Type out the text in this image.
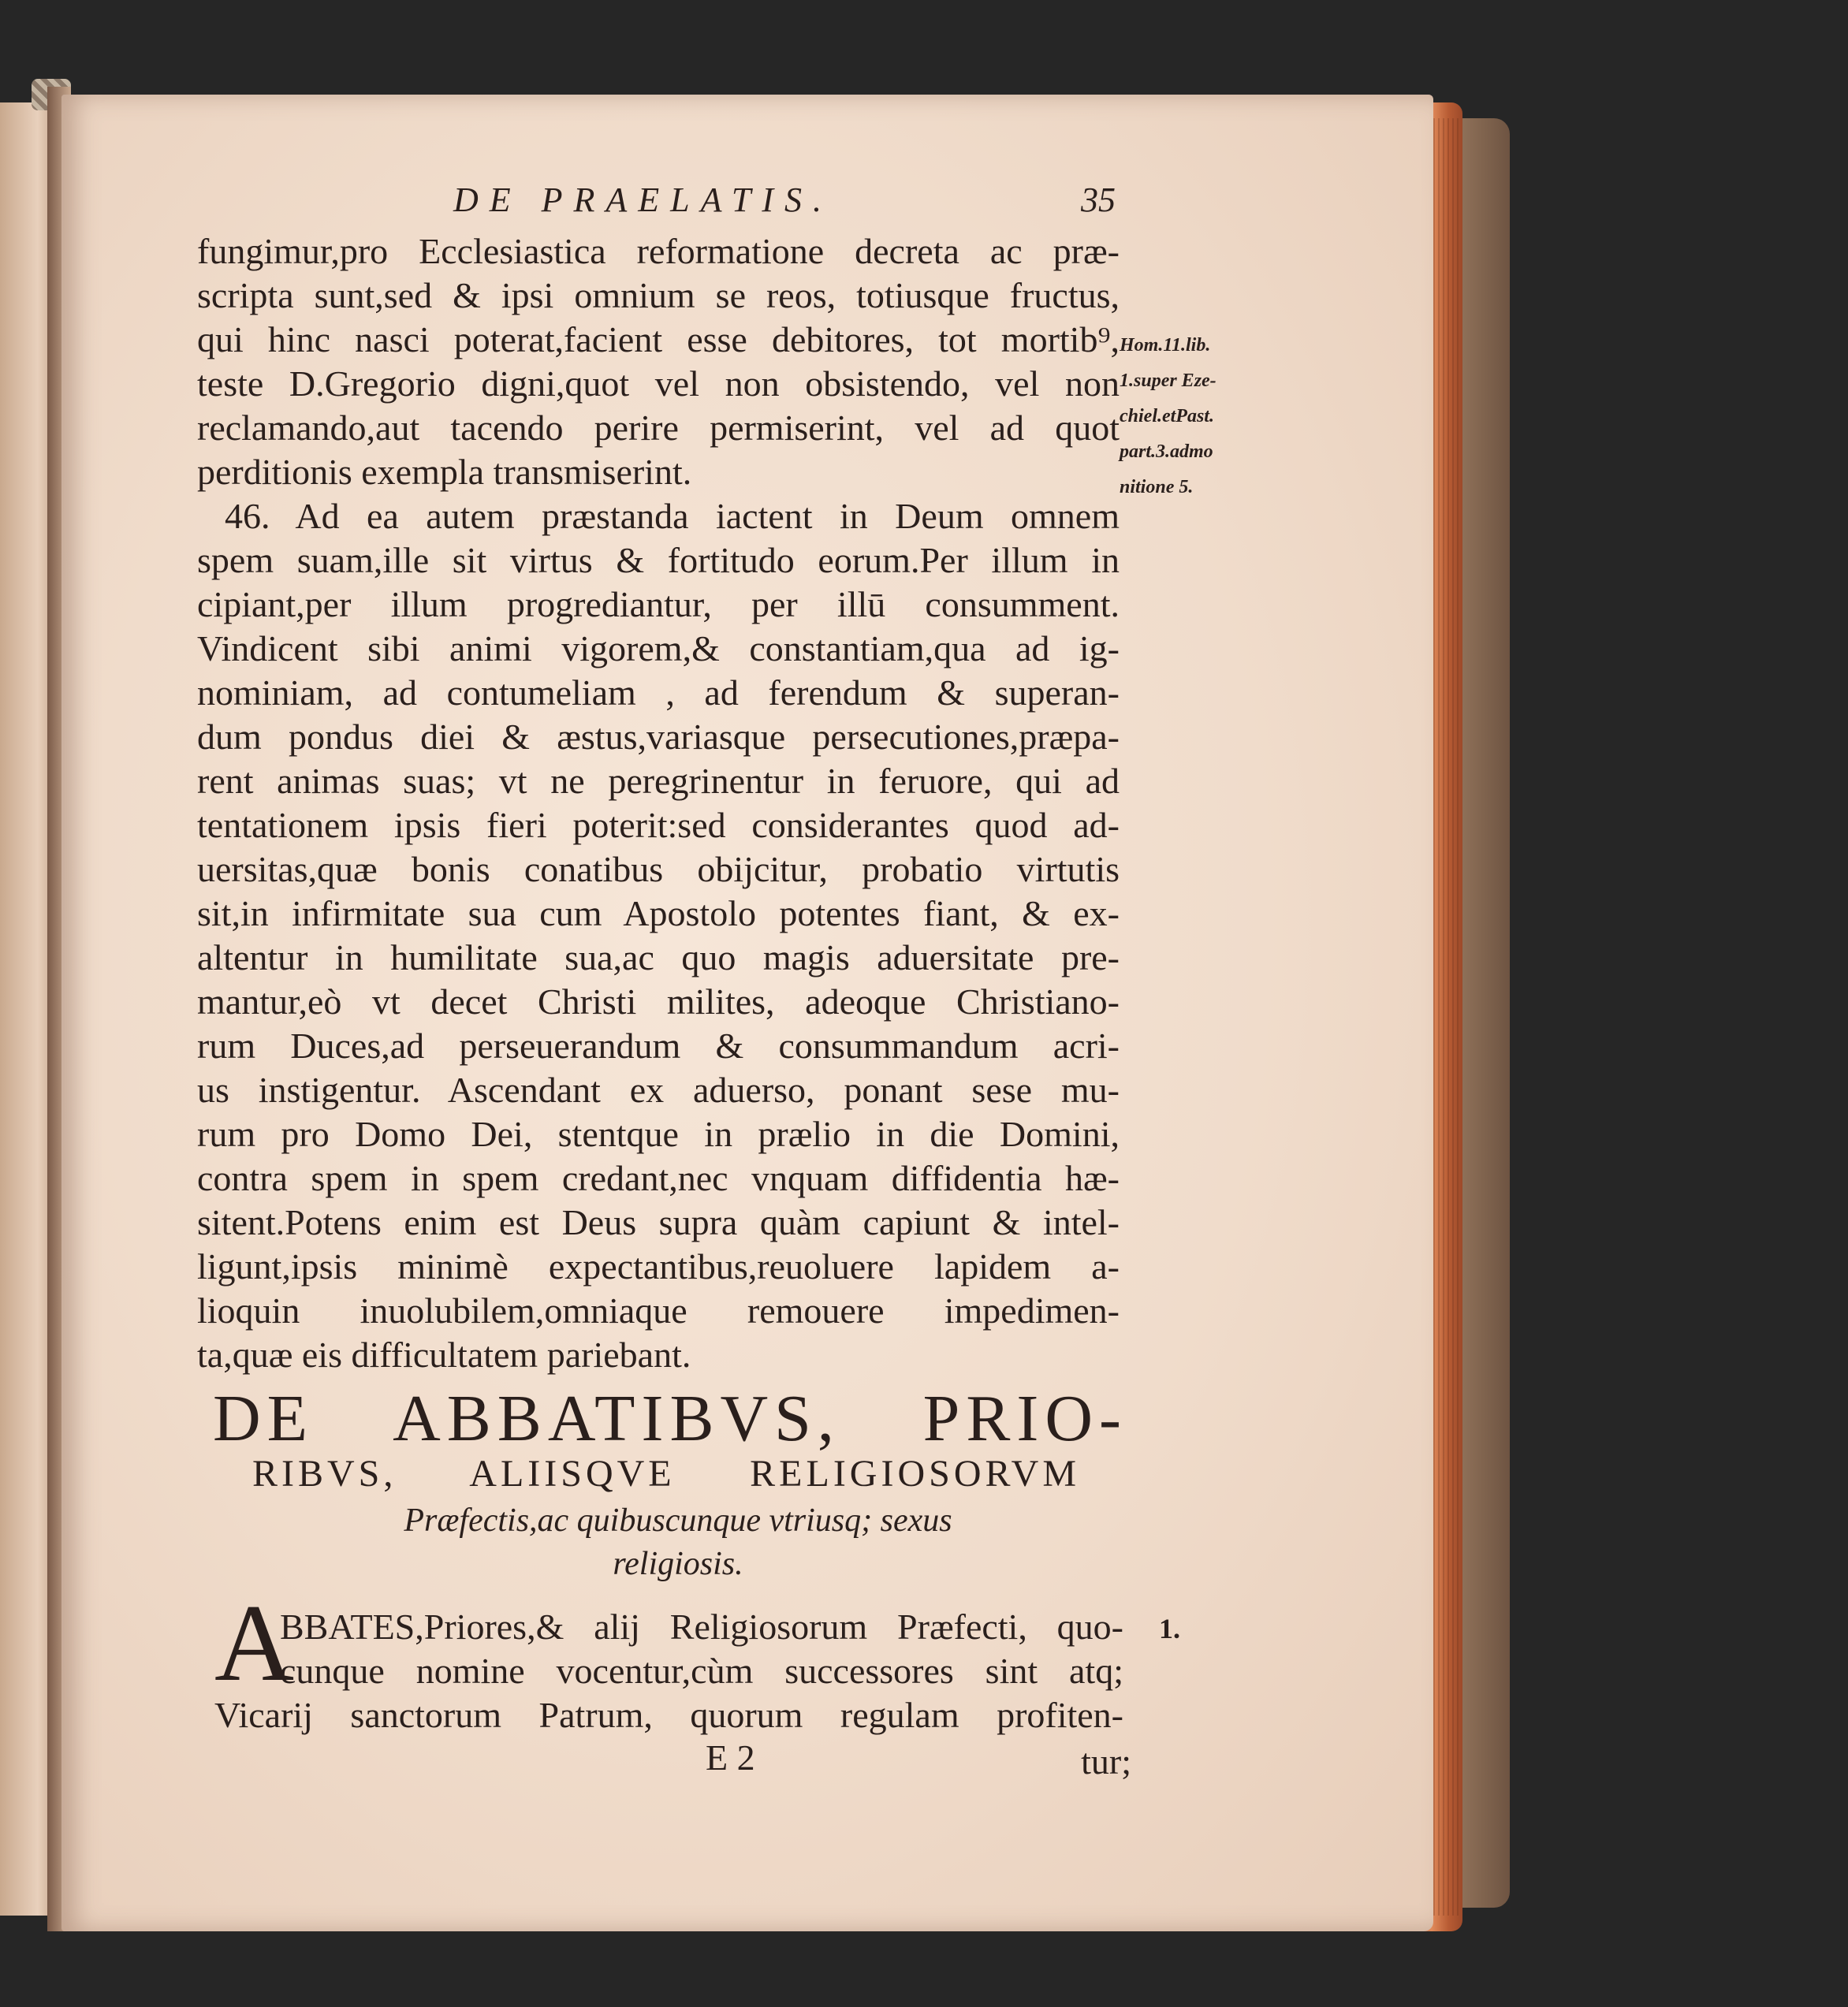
DE PRAELATIS.	35
fungimur,pro Ecclesiastica reformatione decreta ac præ-
scripta sunt,sed & ipsi omnium se reos, totiusque fructus,
qui hinc nasci poterat,facient esse debitores, tot mortib⁹,
teste D.Gregorio digni,quot vel non obsistendo, vel non
reclamando,aut tacendo perire permiserint, vel ad quot
perditionis exempla transmiserint.
46. Ad ea autem præstanda iactent in Deum omnem
spem suam,ille sit virtus & fortitudo eorum.Per illum in
cipiant,per illum progrediantur, per illū consumment.
Vindicent sibi animi vigorem,& constantiam,qua ad ig-
nominiam, ad contumeliam , ad ferendum & superan-
dum pondus diei & æstus,variasque persecutiones,præpa-
rent animas suas; vt ne peregrinentur in feruore, qui ad
tentationem ipsis fieri poterit:sed considerantes quod ad-
uersitas,quæ bonis conatibus obijcitur, probatio virtutis
sit,in infirmitate sua cum Apostolo potentes fiant, & ex-
altentur in humilitate sua,ac quo magis aduersitate pre-
mantur,eò vt decet Christi milites, adeoque Christiano-
rum Duces,ad perseuerandum & consummandum acri-
us instigentur. Ascendant ex aduerso, ponant sese mu-
rum pro Domo Dei, stentque in prælio in die Domini,
contra spem in spem credant,nec vnquam diffidentia hæ-
sitent.Potens enim est Deus supra quàm capiunt & intel-
ligunt,ipsis minimè expectantibus,reuoluere lapidem a-
lioquin inuolubilem,omniaque remouere impedimen-
Hom.11.lib.
1.super Eze-
chiel.etPast.
part.3.admo
nitione 5.
DE ABBATIBVS, PRIO-
RIBVS, ALIISQVE RELIGIOSORVM
Præfectis,ac quibuscunque vtriusq; sexus
religiosis.
A
BBATES,Priores,& alij Religiosorum Præfecti, quo-
cunque nomine vocentur,cùm successores sint atq;
Vicarij sanctorum Patrum, quorum regulam profiten-
1.
E 2	tur;
ta,quæ eis difficultatem pariebant.
